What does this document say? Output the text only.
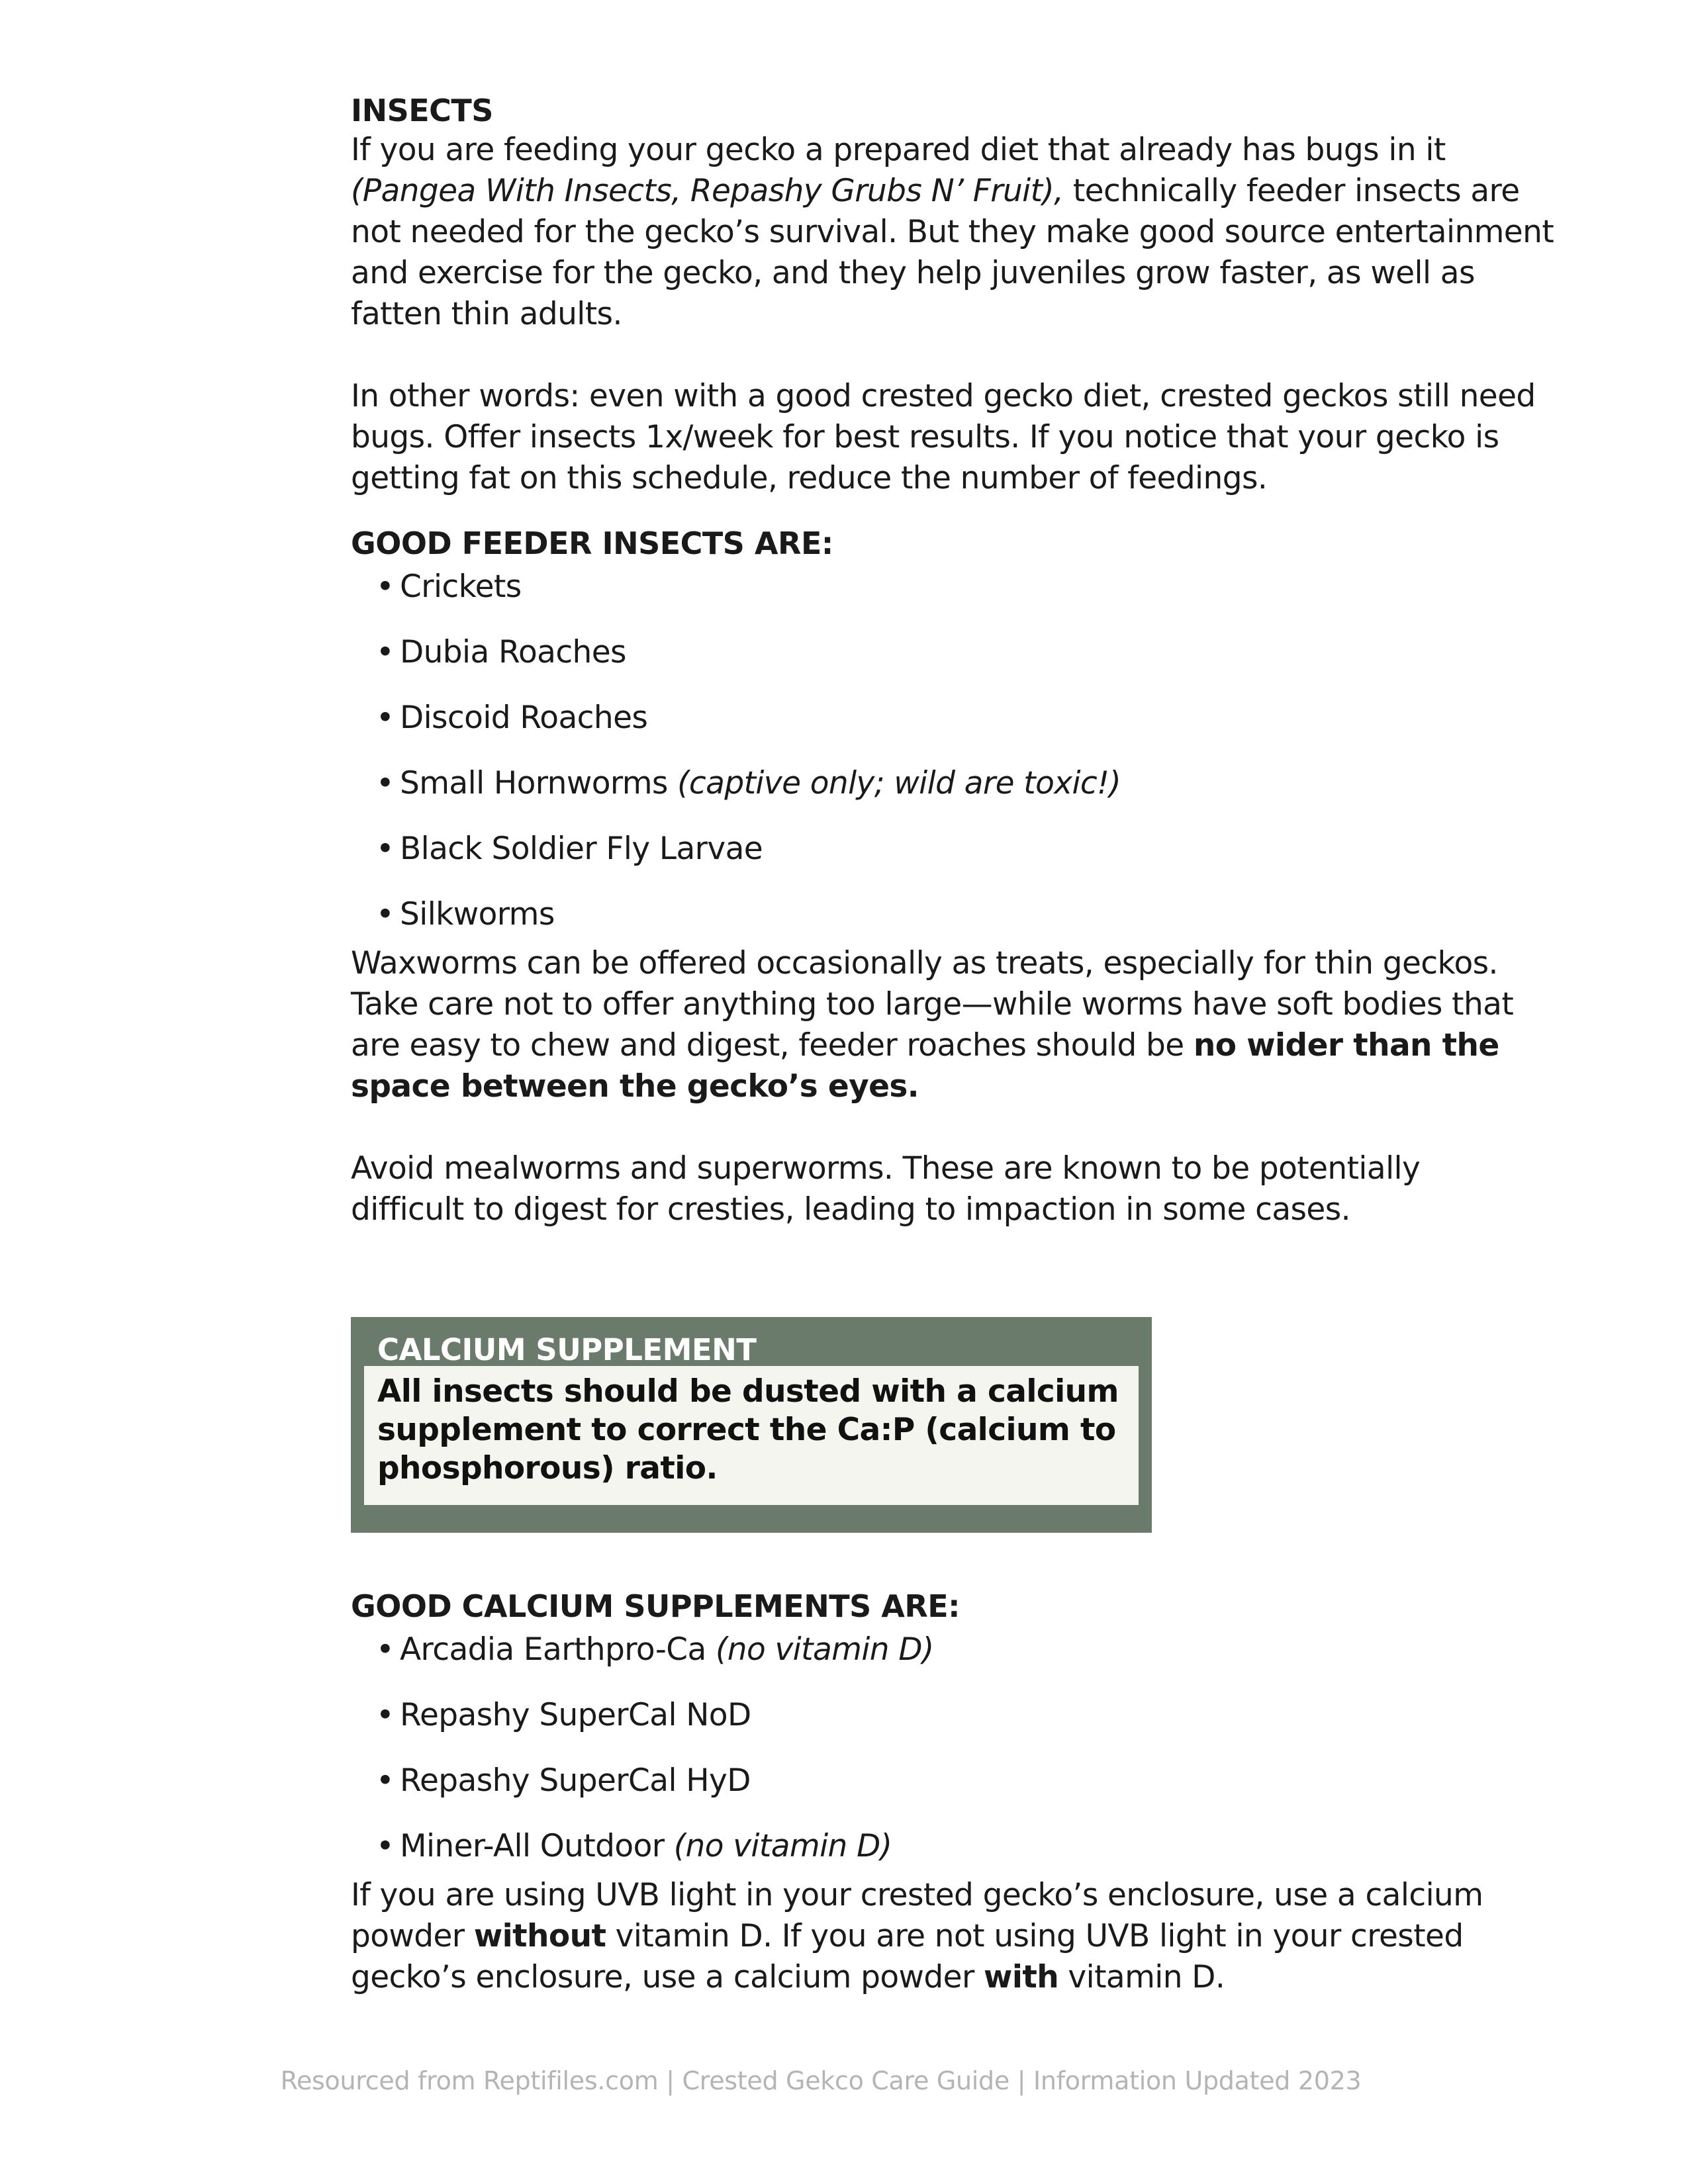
INSECTS

If you are feeding your gecko a prepared diet that already has bugs in it
(Pangea With Insects, Repashy Grubs N’ Fruit), technically feeder insects are
not needed for the gecko’s survival. But they make good source entertainment
and exercise for the gecko, and they help juveniles grow faster, as well as
fatten thin adults.

In other words: even with a good crested gecko diet, crested geckos still need
bugs. Offer insects 1x/week for best results. If you notice that your gecko is
getting fat on this schedule, reduce the number of feedings.

GOOD FEEDER INSECTS ARE:
• Crickets
• Dubia Roaches
• Discoid Roaches
• Small Hornworms (captive only; wild are toxic!)
• Black Soldier Fly Larvae
• Silkworms

Waxworms can be offered occasionally as treats, especially for thin geckos.
Take care not to offer anything too large—while worms have soft bodies that
are easy to chew and digest, feeder roaches should be no wider than the
space between the gecko’s eyes.

Avoid mealworms and superworms. These are known to be potentially
difficult to digest for cresties, leading to impaction in some cases.

CALCIUM SUPPLEMENT
All insects should be dusted with a calcium
supplement to correct the Ca:P (calcium to
phosphorous) ratio.
GOOD CALCIUM SUPPLEMENTS ARE:
• Arcadia Earthpro-Ca (no vitamin D)
• Repashy SuperCal NoD
• Repashy SuperCal HyD
• Miner-All Outdoor (no vitamin D)

If you are using UVB light in your crested gecko’s enclosure, use a calcium
powder without vitamin D. If you are not using UVB light in your crested
gecko’s enclosure, use a calcium powder with vitamin D.

Resourced from Reptifiles.com | Crested Gekco Care Guide | Information Updated 2023
